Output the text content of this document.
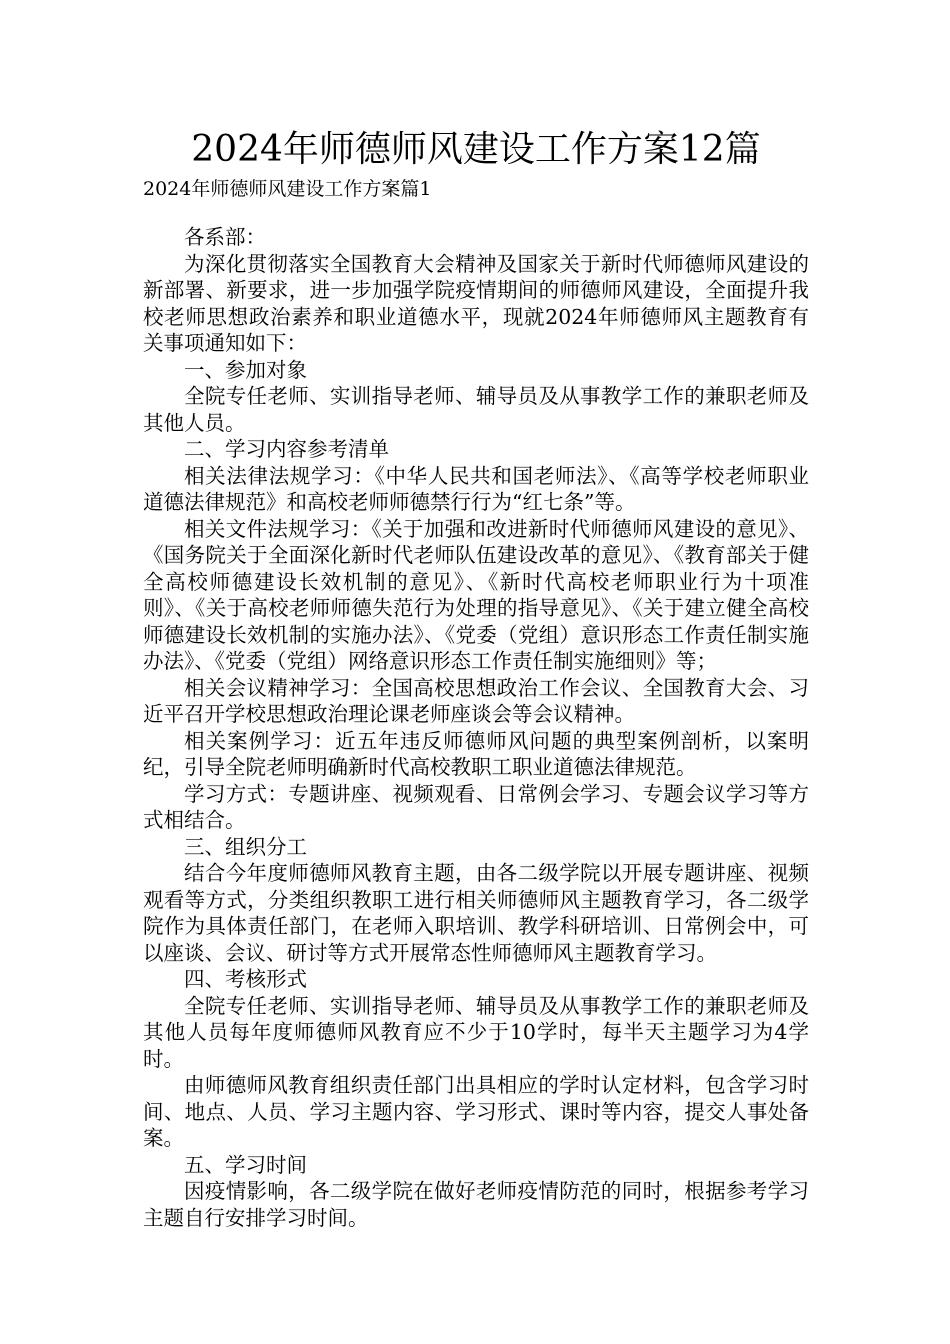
2024年师德师风建设工作方案12篇
2024年师德师风建设工作方案篇1

各系部：

为深化贯彻落实全国教育大会精神及国家关于新时代师德师风建设的新部署、新要求，进一步加强学院疫情期间的师德师风建设，全面提升我校老师思想政治素养和职业道德水平，现就2024年师德师风主题教育有关事项通知如下：

一、参加对象

全院专任老师、实训指导老师、辅导员及从事教学工作的兼职老师及其他人员。

二、学习内容参考清单

相关法律法规学习：《中华人民共和国老师法》、《高等学校老师职业道德法律规范》和高校老师师德禁行行为“红七条”等。

相关文件法规学习：《关于加强和改进新时代师德师风建设的意见》、《国务院关于全面深化新时代老师队伍建设改革的意见》、《教育部关于健全高校师德建设长效机制的意见》、《新时代高校老师职业行为十项准则》、《关于高校老师师德失范行为处理的指导意见》、《关于建立健全高校师德建设长效机制的实施办法》、《党委（党组）意识形态工作责任制实施办法》、《党委（党组）网络意识形态工作责任制实施细则》等；

相关会议精神学习：全国高校思想政治工作会议、全国教育大会、习近平召开学校思想政治理论课老师座谈会等会议精神。

相关案例学习：近五年违反师德师风问题的典型案例剖析，以案明纪，引导全院老师明确新时代高校教职工职业道德法律规范。

学习方式：专题讲座、视频观看、日常例会学习、专题会议学习等方式相结合。

三、组织分工

结合今年度师德师风教育主题，由各二级学院以开展专题讲座、视频观看等方式，分类组织教职工进行相关师德师风主题教育学习，各二级学院作为具体责任部门，在老师入职培训、教学科研培训、日常例会中，可以座谈、会议、研讨等方式开展常态性师德师风主题教育学习。

四、考核形式

全院专任老师、实训指导老师、辅导员及从事教学工作的兼职老师及其他人员每年度师德师风教育应不少于10学时，每半天主题学习为4学时。

由师德师风教育组织责任部门出具相应的学时认定材料，包含学习时间、地点、人员、学习主题内容、学习形式、课时等内容，提交人事处备案。

五、学习时间

因疫情影响，各二级学院在做好老师疫情防范的同时，根据参考学习主题自行安排学习时间。
